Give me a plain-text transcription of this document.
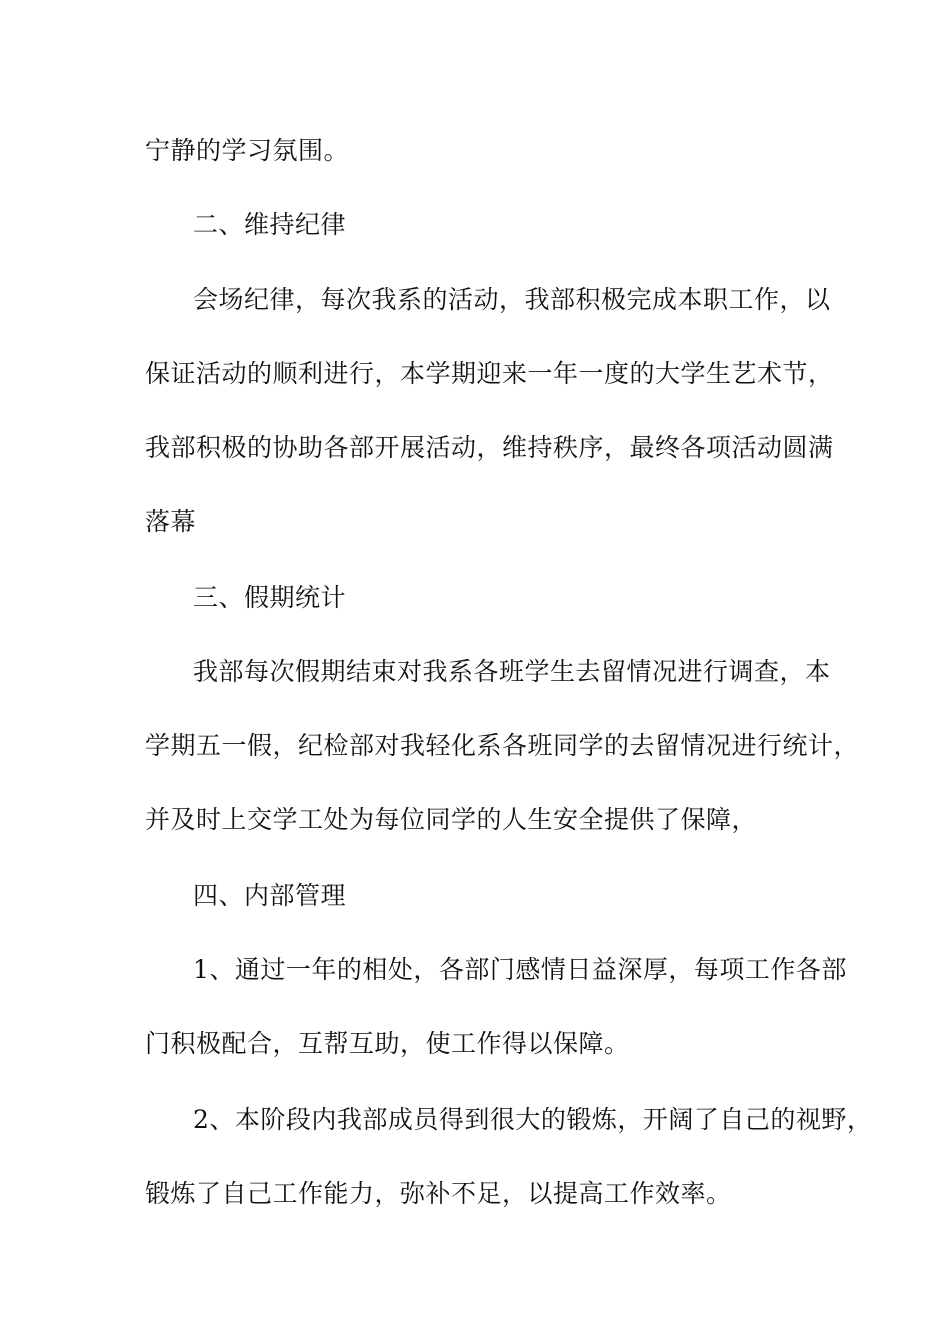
宁静的学习氛围。
二、维持纪律
会场纪律，每次我系的活动，我部积极完成本职工作，以
保证活动的顺利进行，本学期迎来一年一度的大学生艺术节，
我部积极的协助各部开展活动，维持秩序，最终各项活动圆满
落幕
三、假期统计
我部每次假期结束对我系各班学生去留情况进行调查，本
学期五一假，纪检部对我轻化系各班同学的去留情况进行统计，
并及时上交学工处为每位同学的人生安全提供了保障，
四、内部管理
1、通过一年的相处，各部门感情日益深厚，每项工作各部
门积极配合，互帮互助，使工作得以保障。
2、本阶段内我部成员得到很大的锻炼，开阔了自己的视野，
锻炼了自己工作能力，弥补不足，以提高工作效率。
